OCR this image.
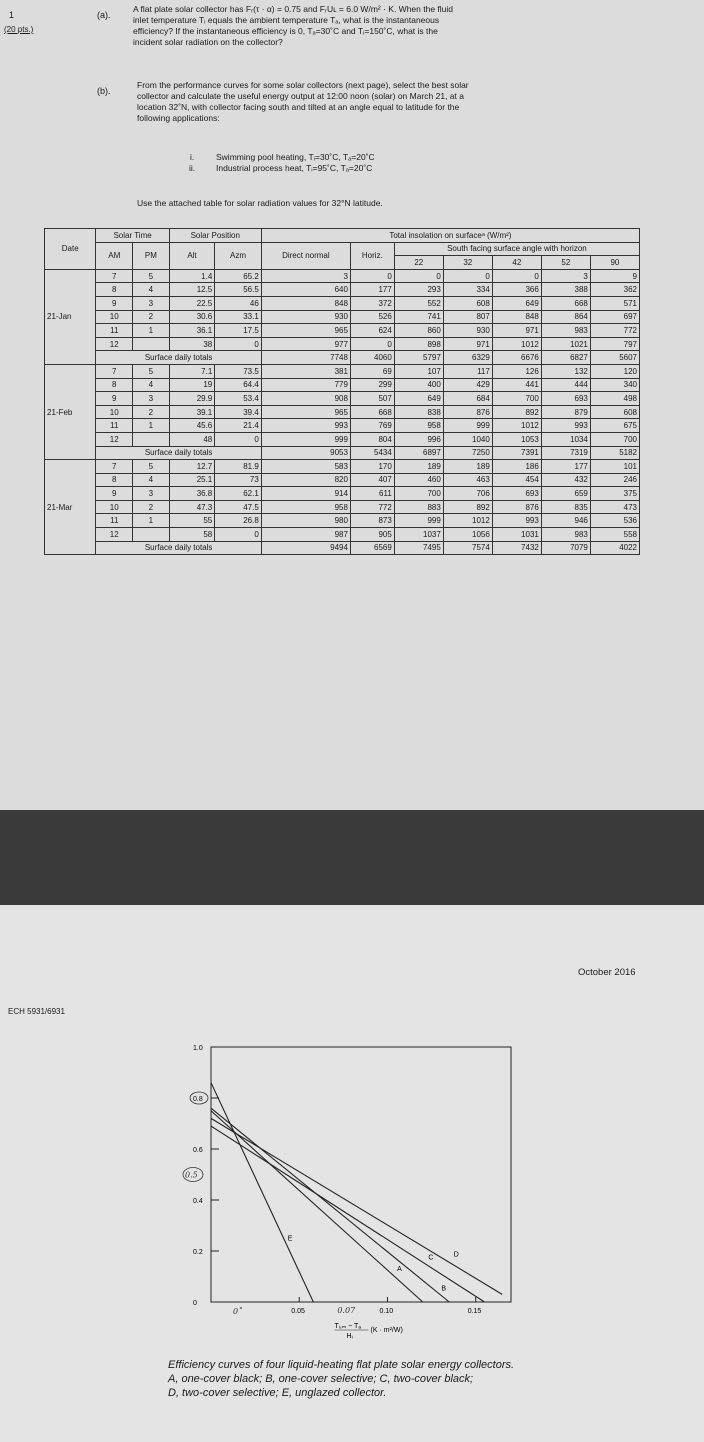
1
(20 pts.)
(a).
A flat plate solar collector has Fᵣ(τ · α) = 0.75 and FᵣUʟ = 6.0 W/m² · K. When the fluid
inlet temperature Tᵢ equals the ambient temperature Tₐ, what is the instantaneous
efficiency? If the instantaneous efficiency is 0, Tₐ=30˚C and Tᵢ=150˚C, what is the
incident solar radiation on the collector?
(b).
From the performance curves for some solar collectors (next page), select the best solar
collector and calculate the useful energy output at 12:00 noon (solar) on March 21, at a
location 32˚N, with collector facing south and tilted at an angle equal to latitude for the
following applications:
i.	Swimming pool heating, Tᵢ=30˚C, Tₐ=20˚C
ii. Industrial process heat, Tᵢ=95˚C, Tₐ=20˚C
Use the attached table for solar radiation values for 32°N latitude.
Date	Solar Time		Solar Position		Total insolation on surfaceᵃ (W/m²)						
	AM	PM	Alt	Azm	Direct normal	Horiz.	South facing surface angle with horizon				
							22	32	42	52	90
21-Jan	7	5	1.4	65.2	3	0	0	0	0	3	9
	8	4	12.5	56.5	640	177	293	334	366	388	362
	9	3	22.5	46	848	372	552	608	649	668	571
	10	2	30.6	33.1	930	526	741	807	848	864	697
	11	1	36.1	17.5	965	624	860	930	971	983	772
	12		38	0	977	0	898	971	1012	1021	797
	Surface daily totals				7748	4060	5797	6329	6676	6827	5607
21-Feb	7	5	7.1	73.5	381	69	107	117	126	132	120
	8	4	19	64.4	779	299	400	429	441	444	340
	9	3	29.9	53.4	908	507	649	684	700	693	498
	10	2	39.1	39.4	965	668	838	876	892	879	608
	11	1	45.6	21.4	993	769	958	999	1012	993	675
	12		48	0	999	804	996	1040	1053	1034	700
	Surface daily totals				9053	5434	6897	7250	7391	7319	5182
21-Mar	7	5	12.7	81.9	583	170	189	189	186	177	101
	8	4	25.1	73	820	407	460	463	454	432	246
	9	3	36.8	62.1	914	611	700	706	693	659	375
	10	2	47.3	47.5	958	772	883	892	876	835	473
	11	1	55	26.8	980	873	999	1012	993	946	536
	12		58	0	987	905	1037	1056	1031	983	558
	Surface daily totals				9494	6569	7495	7574	7432	7079	4022
October 2016
ECH 5931/6931
1.0
0.8
0.6
0.4
0.2
0
0.05	0.10	0.15
A
B
C	D
E
0.5
0˚	0.07
Tᵢ,ₘ − Tₐ
Hᵢ
(K · m²/W)
Efficiency curves of four liquid-heating flat plate solar energy collectors.
A, one-cover black; B, one-cover selective; C, two-cover black;
D, two-cover selective; E, unglazed collector.
